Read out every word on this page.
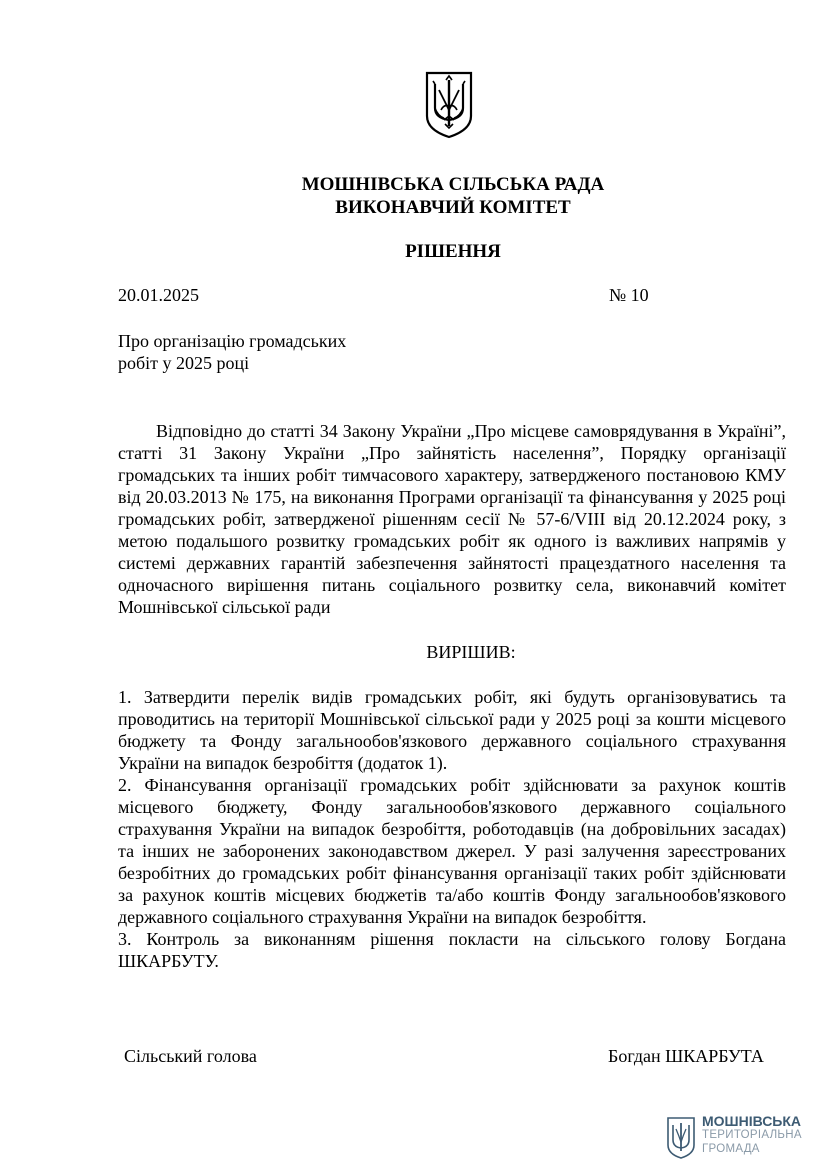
МОШНІВСЬКА СІЛЬСЬКА РАДА
ВИКОНАВЧИЙ КОМІТЕТ
РІШЕННЯ
20.01.2025	№ 10
Про організацію громадських
робіт у 2025 році
Відповідно до статті 34 Закону України „Про місцеве самоврядування в Україні”, статті 31 Закону України „Про зайнятість населення”, Порядку організації громадських та інших робіт тимчасового характеру, затвердженого постановою КМУ від 20.03.2013 № 175, на виконання Програми організації та фінансування у 2025 році громадських робіт, затвердженої рішенням сесії № 57-6/VIII від 20.12.2024 року, з метою подальшого розвитку громадських робіт як одного із важливих напрямів у системі державних гарантій забезпечення зайнятості працездатного населення та одночасного вирішення питань соціального розвитку села, виконавчий комітет Мошнівської сільської ради
ВИРІШИВ:

1. Затвердити перелік видів громадських робіт, які будуть організовуватись та проводитись на території Мошнівської сільської ради у 2025 році за кошти місцевого бюджету та Фонду загальнообов'язкового державного соціального страхування України на випадок безробіття (додаток 1).

2. Фінансування організації громадських робіт здійснювати за рахунок коштів місцевого бюджету, Фонду загальнообов'язкового державного соціального страхування України на випадок безробіття, роботодавців (на добровільних засадах) та інших не заборонених законодавством джерел. У разі залучення зареєстрованих безробітних до громадських робіт фінансування організації таких робіт здійснювати за рахунок коштів місцевих бюджетів та/або коштів Фонду загальнообов'язкового державного соціального страхування України на випадок безробіття.

3. Контроль за виконанням рішення покласти на сільського голову Богдана ШКАРБУТУ.

Сільський голова	Богдан ШКАРБУТА
МОШНІВСЬКА
ТЕРИТОРІАЛЬНА
ГРОМАДА
